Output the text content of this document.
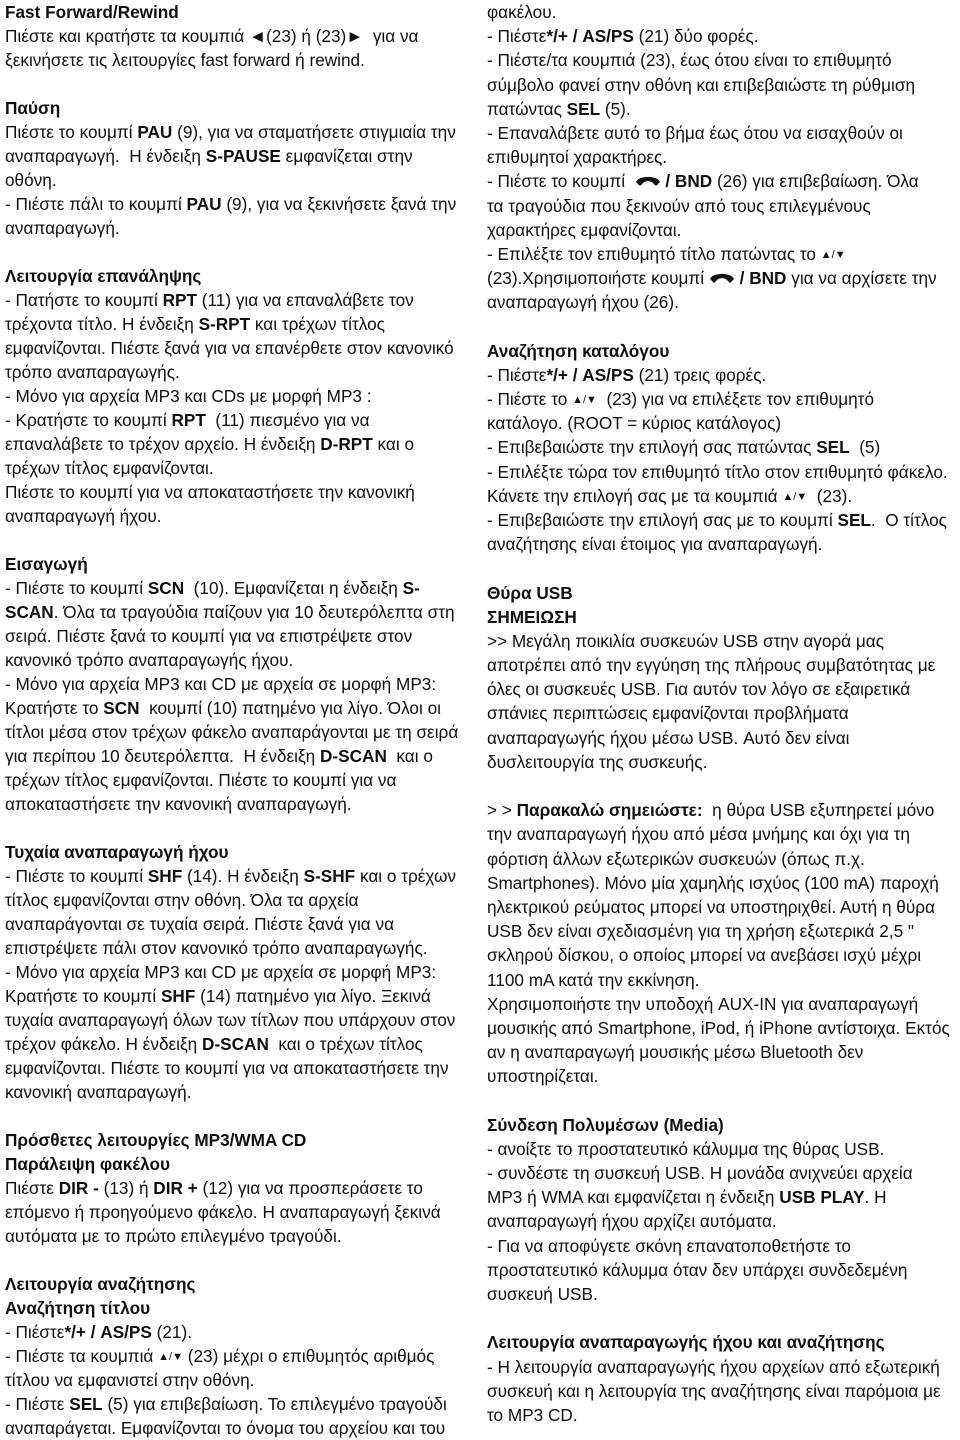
Fast Forward/Rewind
Πιέστε και κρατήστε τα κουμπιά ◄(23) ή (23)►  για να
ξεκινήσετε τις λειτουργίες fast forward ή rewind.
Παύση
Πιέστε το κουμπί PAU (9), για να σταματήσετε στιγμιαία την
αναπαραγωγή.  Η ένδειξη S-PAUSE εμφανίζεται στην
οθόνη.
- Πιέστε πάλι το κουμπί PAU (9), για να ξεκινήσετε ξανά την
αναπαραγωγή.
Λειτουργία επανάληψης
- Πατήστε το κουμπί RPT (11) για να επαναλάβετε τον
τρέχοντα τίτλο. Η ένδειξη S-RPT και τρέχων τίτλος
εμφανίζονται. Πιέστε ξανά για να επανέρθετε στον κανονικό
τρόπο αναπαραγωγής.
- Μόνο για αρχεία MP3 και CDs με μορφή MP3 :
- Κρατήστε το κουμπί RPT  (11) πιεσμένο για να
επαναλάβετε το τρέχον αρχείο. Η ένδειξη D-RPT και ο
τρέχων τίτλος εμφανίζονται.
Πιέστε το κουμπί για να αποκαταστήσετε την κανονική
αναπαραγωγή ήχου.
Εισαγωγή
- Πιέστε το κουμπί SCN  (10). Εμφανίζεται η ένδειξη S-
SCAN. Όλα τα τραγούδια παίζουν για 10 δευτερόλεπτα στη
σειρά. Πιέστε ξανά το κουμπί για να επιστρέψετε στον
κανονικό τρόπο αναπαραγωγής ήχου.
- Μόνο για αρχεία MP3 και CD με αρχεία σε μορφή MP3:
Κρατήστε το SCN  κουμπί (10) πατημένο για λίγο. Όλοι οι
τίτλοι μέσα στον τρέχων φάκελο αναπαράγονται με τη σειρά
για περίπου 10 δευτερόλεπτα.  Η ένδειξη D-SCAN  και ο
τρέχων τίτλος εμφανίζονται. Πιέστε το κουμπί για να
αποκαταστήσετε την κανονική αναπαραγωγή.
Τυχαία αναπαραγωγή ήχου
- Πιέστε το κουμπί SHF (14). Η ένδειξη S-SHF και ο τρέχων
τίτλος εμφανίζονται στην οθόνη. Όλα τα αρχεία
αναπαράγονται σε τυχαία σειρά. Πιέστε ξανά για να
επιστρέψετε πάλι στον κανονικό τρόπο αναπαραγωγής.
- Μόνο για αρχεία MP3 και CD με αρχεία σε μορφή MP3:
Κρατήστε το κουμπί SHF (14) πατημένο για λίγο. Ξεκινά
τυχαία αναπαραγωγή όλων των τίτλων που υπάρχουν στον
τρέχον φάκελο. Η ένδειξη D-SCAN  και ο τρέχων τίτλος
εμφανίζονται. Πιέστε το κουμπί για να αποκαταστήσετε την
κανονική αναπαραγωγή.
Πρόσθετες λειτουργίες MP3/WMA CD
Παράλειψη φακέλου
Πιέστε DIR - (13) ή DIR + (12) για να προσπεράσετε το
επόμενο ή προηγούμενο φάκελο. Η αναπαραγωγή ξεκινά
αυτόματα με το πρώτο επιλεγμένο τραγούδι.
Λειτουργία αναζήτησης
Αναζήτηση τίτλου
- Πιέστε*/+ / AS/PS (21).
- Πιέστε τα κουμπιά ▲/▼ (23) μέχρι ο επιθυμητός αριθμός
τίτλου να εμφανιστεί στην οθόνη.
- Πιέστε SEL (5) για επιβεβαίωση. Το επιλεγμένο τραγούδι
αναπαράγεται. Εμφανίζονται το όνομα του αρχείου και του
φακέλου.
- Πιέστε*/+ / AS/PS (21) δύο φορές.
- Πιέστε/τα κουμπιά (23), έως ότου είναι το επιθυμητό
σύμβολο φανεί στην οθόνη και επιβεβαιώστε τη ρύθμιση
πατώντας SEL (5).
- Επαναλάβετε αυτό το βήμα έως ότου να εισαχθούν οι
επιθυμητοί χαρακτήρες.
- Πιέστε το κουμπί
/ BND (26) για επιβεβαίωση. Όλα
τα τραγούδια που ξεκινούν από τους επιλεγμένους
χαρακτήρες εμφανίζονται.
- Επιλέξτε τον επιθυμητό τίτλο πατώντας το ▲/▼
(23).Χρησιμοποιήστε κουμπί
/ BND για να αρχίσετε την
αναπαραγωγή ήχου (26).
Αναζήτηση καταλόγου
- Πιέστε*/+ / AS/PS (21) τρεις φορές.
- Πιέστε το ▲/▼  (23) για να επιλέξετε τον επιθυμητό
κατάλογο. (ROOT = κύριος κατάλογος)
- Επιβεβαιώστε την επιλογή σας πατώντας SEL  (5)
- Επιλέξτε τώρα τον επιθυμητό τίτλο στον επιθυμητό φάκελο.
Κάνετε την επιλογή σας με τα κουμπιά ▲/▼  (23).
- Επιβεβαιώστε την επιλογή σας με το κουμπί SEL.  Ο τίτλος
αναζήτησης είναι έτοιμος για αναπαραγωγή.
Θύρα USB
ΣΗΜΕΙΩΣΗ
>> Μεγάλη ποικιλία συσκευών USB στην αγορά μας
αποτρέπει από την εγγύηση της πλήρους συμβατότητας με
όλες οι συσκευές USB. Για αυτόν τον λόγο σε εξαιρετικά
σπάνιες περιπτώσεις εμφανίζονται προβλήματα
αναπαραγωγής ήχου μέσω USB. Αυτό δεν είναι
δυσλειτουργία της συσκευής.
> > Παρακαλώ σημειώστε:  η θύρα USB εξυπηρετεί μόνο
την αναπαραγωγή ήχου από μέσα μνήμης και όχι για τη
φόρτιση άλλων εξωτερικών συσκευών (όπως π.χ.
Smartphones). Μόνο μία χαμηλής ισχύος (100 mA) παροχή
ηλεκτρικού ρεύματος μπορεί να υποστηριχθεί. Αυτή η θύρα
USB δεν είναι σχεδιασμένη για τη χρήση εξωτερικά 2,5 "
σκληρού δίσκου, ο οποίος μπορεί να ανεβάσει ισχύ μέχρι
1100 mA κατά την εκκίνηση.
Χρησιμοποιήστε την υποδοχή AUX-IN για αναπαραγωγή
μουσικής από Smartphone, iPod, ή iPhone αντίστοιχα. Εκτός
αν η αναπαραγωγή μουσικής μέσω Bluetooth δεν
υποστηρίζεται.
Σύνδεση Πολυμέσων (Media)
- ανοίξτε το προστατευτικό κάλυμμα της θύρας USB.
- συνδέστε τη συσκευή USB. Η μονάδα ανιχνεύει αρχεία
MP3 ή WMA και εμφανίζεται η ένδειξη USB PLAY. Η
αναπαραγωγή ήχου αρχίζει αυτόματα.
- Για να αποφύγετε σκόνη επανατοποθετήστε το
προστατευτικό κάλυμμα όταν δεν υπάρχει συνδεδεμένη
συσκευή USB.
Λειτουργία αναπαραγωγής ήχου και αναζήτησης
- Η λειτουργία αναπαραγωγής ήχου αρχείων από εξωτερική
συσκευή και η λειτουργία της αναζήτησης είναι παρόμοια με
το MP3 CD.
